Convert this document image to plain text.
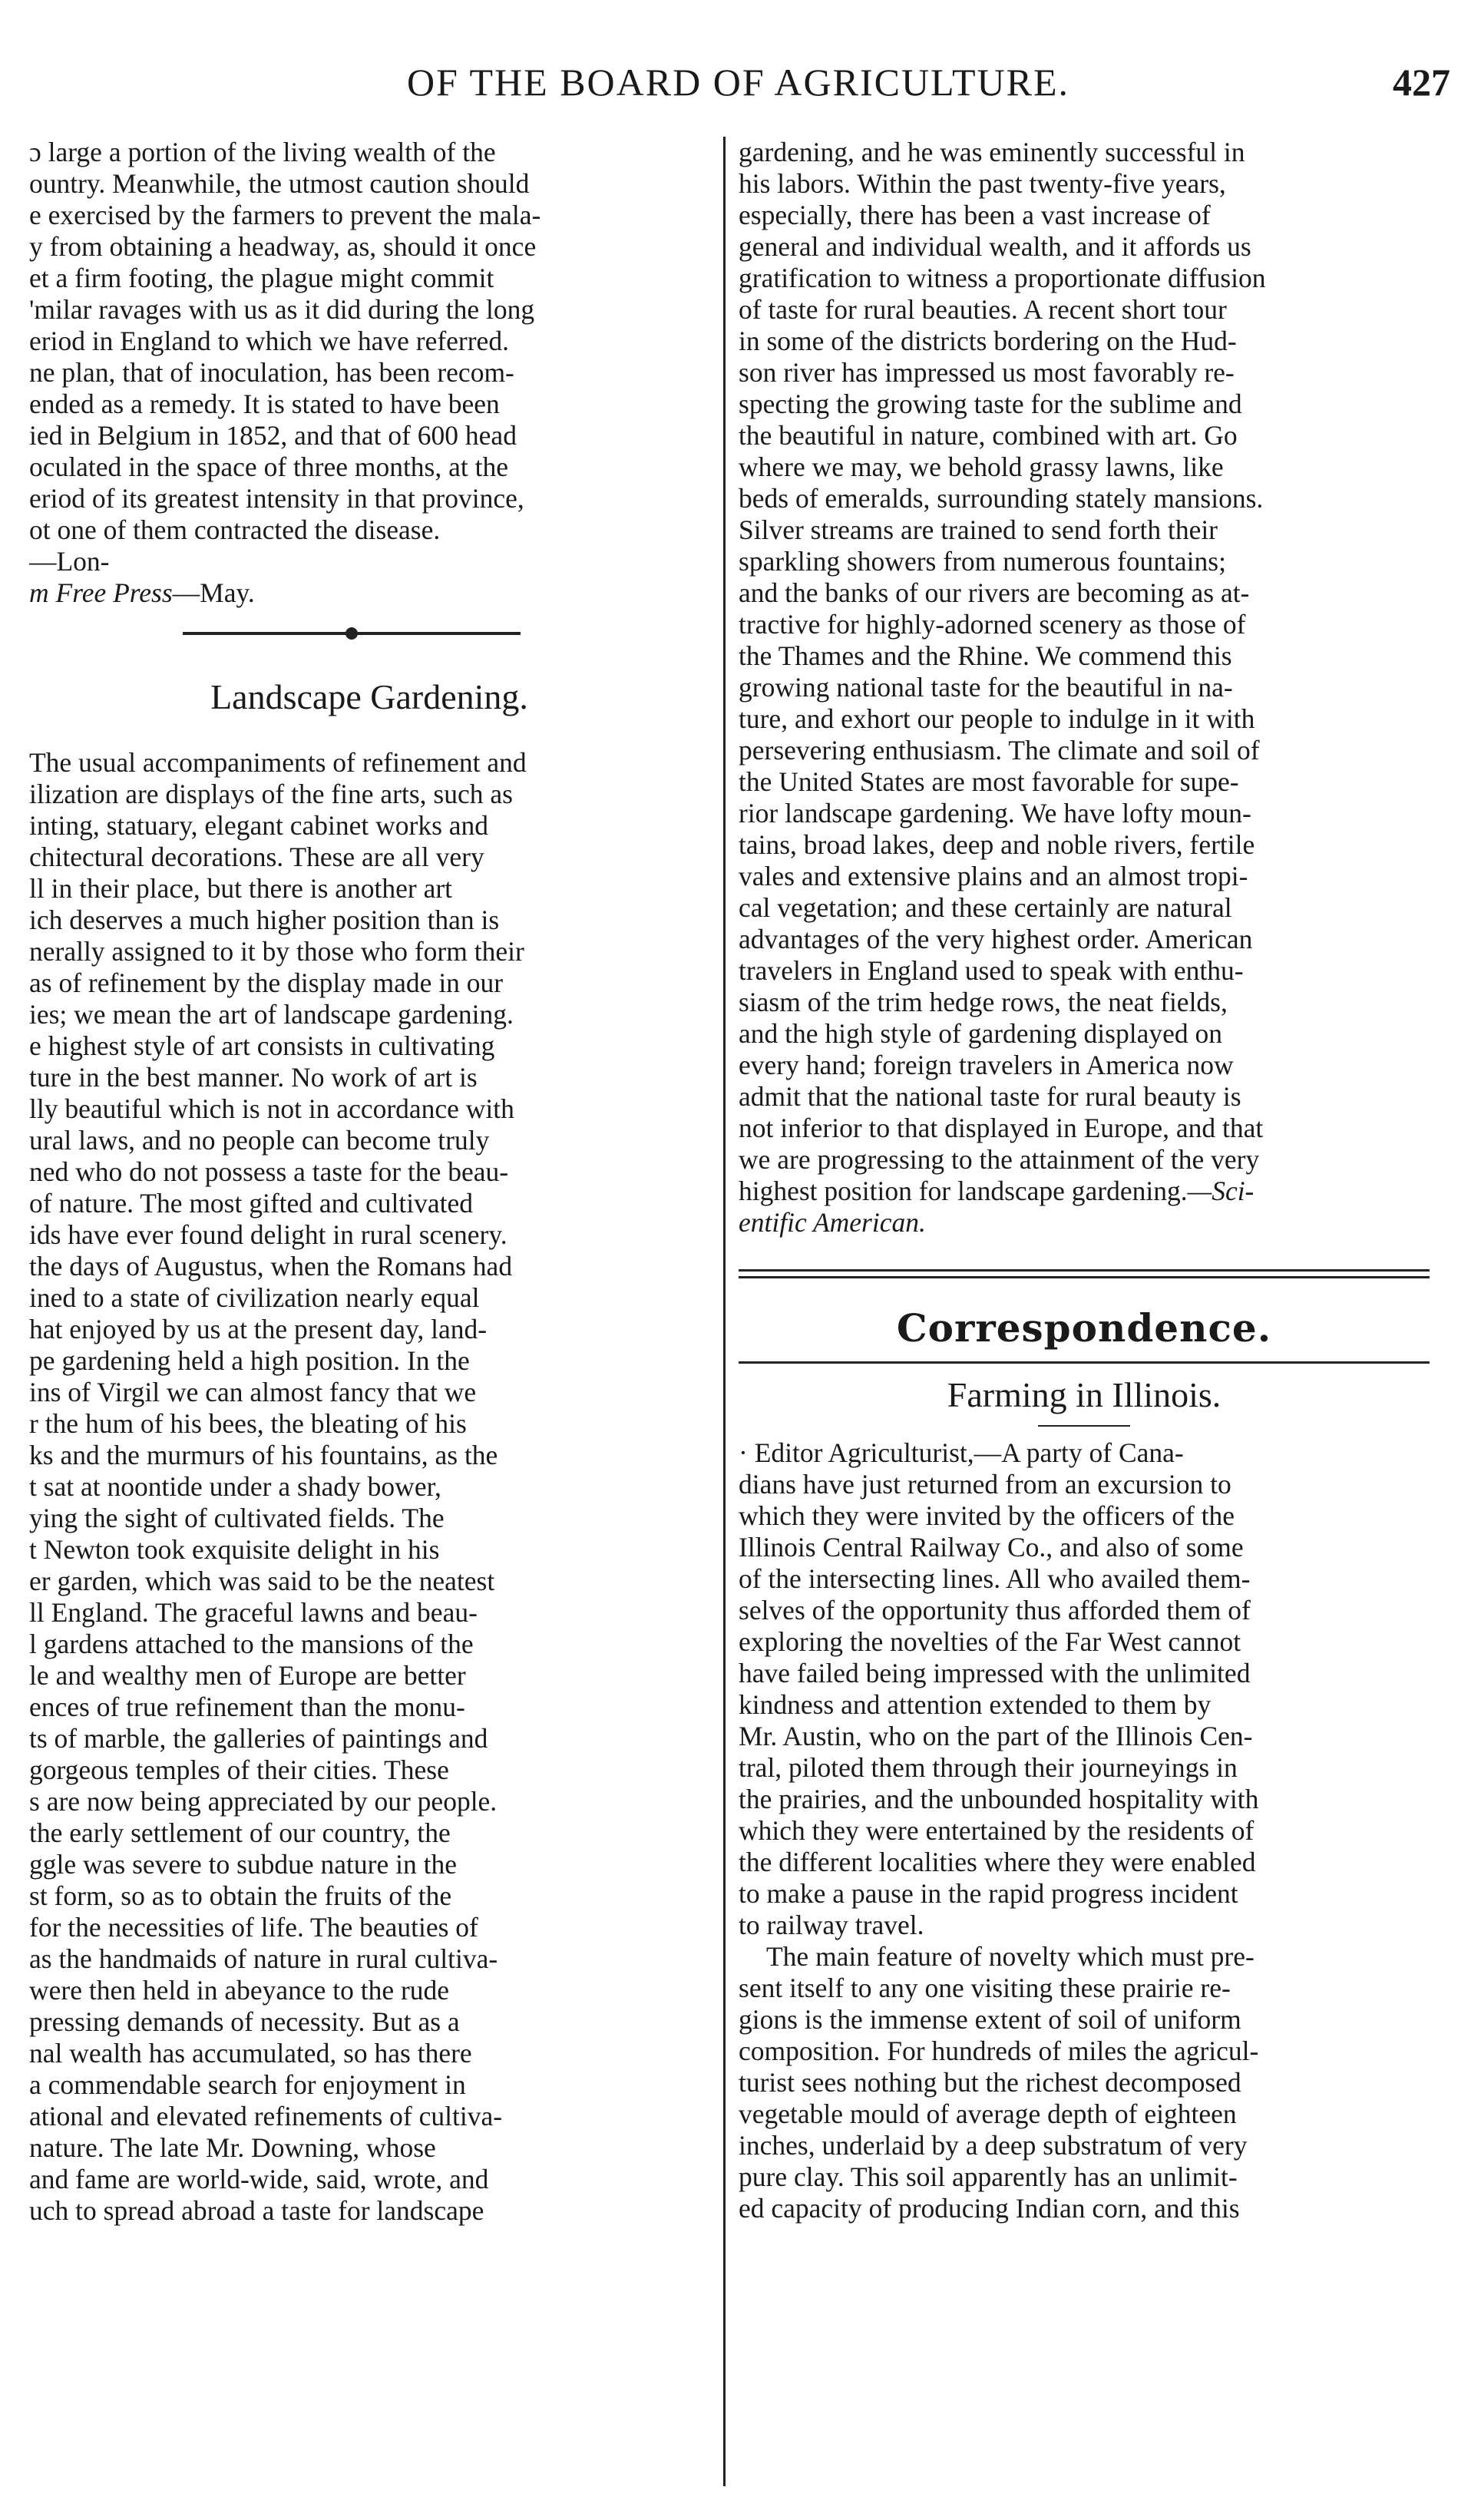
OF THE BOARD OF AGRICULTURE.	427
ɔ large a portion of the living wealth of the
ountry. Meanwhile, the utmost caution should
e exercised by the farmers to prevent the mala-
y from obtaining a headway, as, should it once
et a firm footing, the plague might commit
'milar ravages with us as it did during the long
eriod in England to which we have referred.
ne plan, that of inoculation, has been recom-
ended as a remedy. It is stated to have been
ied in Belgium in 1852, and that of 600 head
oculated in the space of three months, at the
eriod of its greatest intensity in that province,
ot one of them contracted the disease.
—Lon-
m Free Press—May.
Landscape Gardening.
The usual accompaniments of refinement and
ilization are displays of the fine arts, such as
inting, statuary, elegant cabinet works and
chitectural decorations. These are all very
ll in their place, but there is another art
ich deserves a much higher position than is
nerally assigned to it by those who form their
as of refinement by the display made in our
ies; we mean the art of landscape gardening.
e highest style of art consists in cultivating
ture in the best manner. No work of art is
lly beautiful which is not in accordance with
ural laws, and no people can become truly
ned who do not possess a taste for the beau-
of nature. The most gifted and cultivated
ids have ever found delight in rural scenery.
the days of Augustus, when the Romans had
ined to a state of civilization nearly equal
hat enjoyed by us at the present day, land-
pe gardening held a high position. In the
ins of Virgil we can almost fancy that we
r the hum of his bees, the bleating of his
ks and the murmurs of his fountains, as the
t sat at noontide under a shady bower,
ying the sight of cultivated fields. The
t Newton took exquisite delight in his
er garden, which was said to be the neatest
ll England. The graceful lawns and beau-
l gardens attached to the mansions of the
le and wealthy men of Europe are better
ences of true refinement than the monu-
ts of marble, the galleries of paintings and
gorgeous temples of their cities. These
s are now being appreciated by our people.
the early settlement of our country, the
ggle was severe to subdue nature in the
st form, so as to obtain the fruits of the
for the necessities of life. The beauties of
as the handmaids of nature in rural cultiva-
were then held in abeyance to the rude
pressing demands of necessity. But as a
nal wealth has accumulated, so has there
a commendable search for enjoyment in
ational and elevated refinements of cultiva-
nature. The late Mr. Downing, whose
and fame are world-wide, said, wrote, and
uch to spread abroad a taste for landscape
gardening, and he was eminently successful in
his labors. Within the past twenty-five years,
especially, there has been a vast increase of
general and individual wealth, and it affords us
gratification to witness a proportionate diffusion
of taste for rural beauties. A recent short tour
in some of the districts bordering on the Hud-
son river has impressed us most favorably re-
specting the growing taste for the sublime and
the beautiful in nature, combined with art. Go
where we may, we behold grassy lawns, like
beds of emeralds, surrounding stately mansions.
Silver streams are trained to send forth their
sparkling showers from numerous fountains;
and the banks of our rivers are becoming as at-
tractive for highly-adorned scenery as those of
the Thames and the Rhine. We commend this
growing national taste for the beautiful in na-
ture, and exhort our people to indulge in it with
persevering enthusiasm. The climate and soil of
the United States are most favorable for supe-
rior landscape gardening. We have lofty moun-
tains, broad lakes, deep and noble rivers, fertile
vales and extensive plains and an almost tropi-
cal vegetation; and these certainly are natural
advantages of the very highest order. American
travelers in England used to speak with enthu-
siasm of the trim hedge rows, the neat fields,
and the high style of gardening displayed on
every hand; foreign travelers in America now
admit that the national taste for rural beauty is
not inferior to that displayed in Europe, and that
we are progressing to the attainment of the very
highest position for landscape gardening.—Sci-
entific American.
Correspondence.
Farming in Illinois.
· Editor Agriculturist,—A party of Cana-
dians have just returned from an excursion to
which they were invited by the officers of the
Illinois Central Railway Co., and also of some
of the intersecting lines. All who availed them-
selves of the opportunity thus afforded them of
exploring the novelties of the Far West cannot
have failed being impressed with the unlimited
kindness and attention extended to them by
Mr. Austin, who on the part of the Illinois Cen-
tral, piloted them through their journeyings in
the prairies, and the unbounded hospitality with
which they were entertained by the residents of
the different localities where they were enabled
to make a pause in the rapid progress incident
to railway travel.
The main feature of novelty which must pre-
sent itself to any one visiting these prairie re-
gions is the immense extent of soil of uniform
composition. For hundreds of miles the agricul-
turist sees nothing but the richest decomposed
vegetable mould of average depth of eighteen
inches, underlaid by a deep substratum of very
pure clay. This soil apparently has an unlimit-
ed capacity of producing Indian corn, and this
